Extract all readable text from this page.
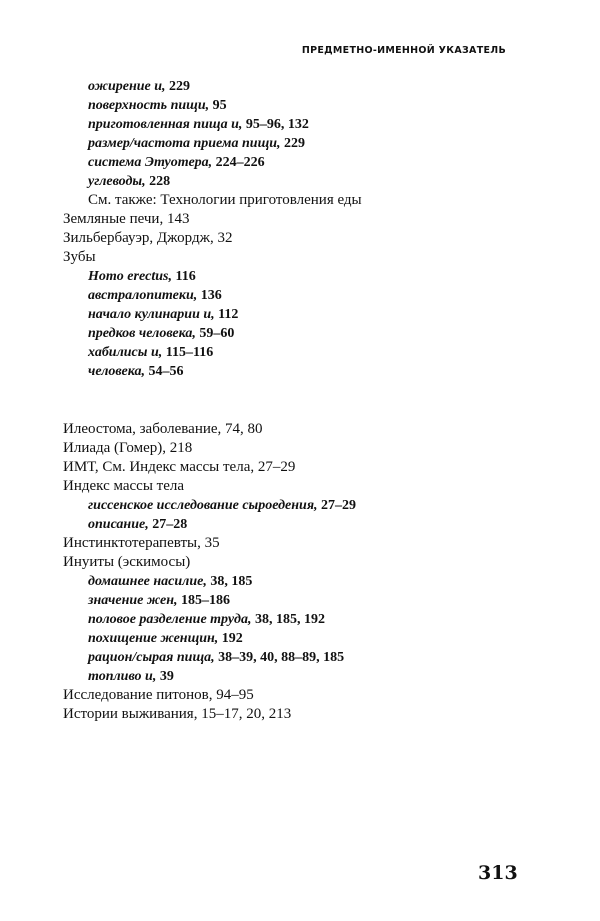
ПРЕДМЕТНО-ИМЕННОЙ УКАЗАТЕЛЬ
ожирение и, 229
поверхность пищи, 95
приготовленная пища и, 95–96, 132
размер/частота приема пищи, 229
система Этуотера, 224–226
углеводы, 228
См. также: Технологии приготовления еды
Земляные печи, 143
Зильбербауэр, Джордж, 32
Зубы
Homo erectus, 116
австралопитеки, 136
начало кулинарии и, 112
предков человека, 59–60
хабилисы и, 115–116
человека, 54–56
Илеостома, заболевание, 74, 80
Илиада (Гомер), 218
ИМТ, См. Индекс массы тела, 27–29
Индекс массы тела
гиссенское исследование сыроедения, 27–29
описание, 27–28
Инстинктотерапевты, 35
Инуиты (эскимосы)
домашнее насилие, 38, 185
значение жен, 185–186
половое разделение труда, 38, 185, 192
похищение женщин, 192
рацион/сырая пища, 38–39, 40, 88–89, 185
топливо и, 39
Исследование питонов, 94–95
Истории выживания, 15–17, 20, 213
313
